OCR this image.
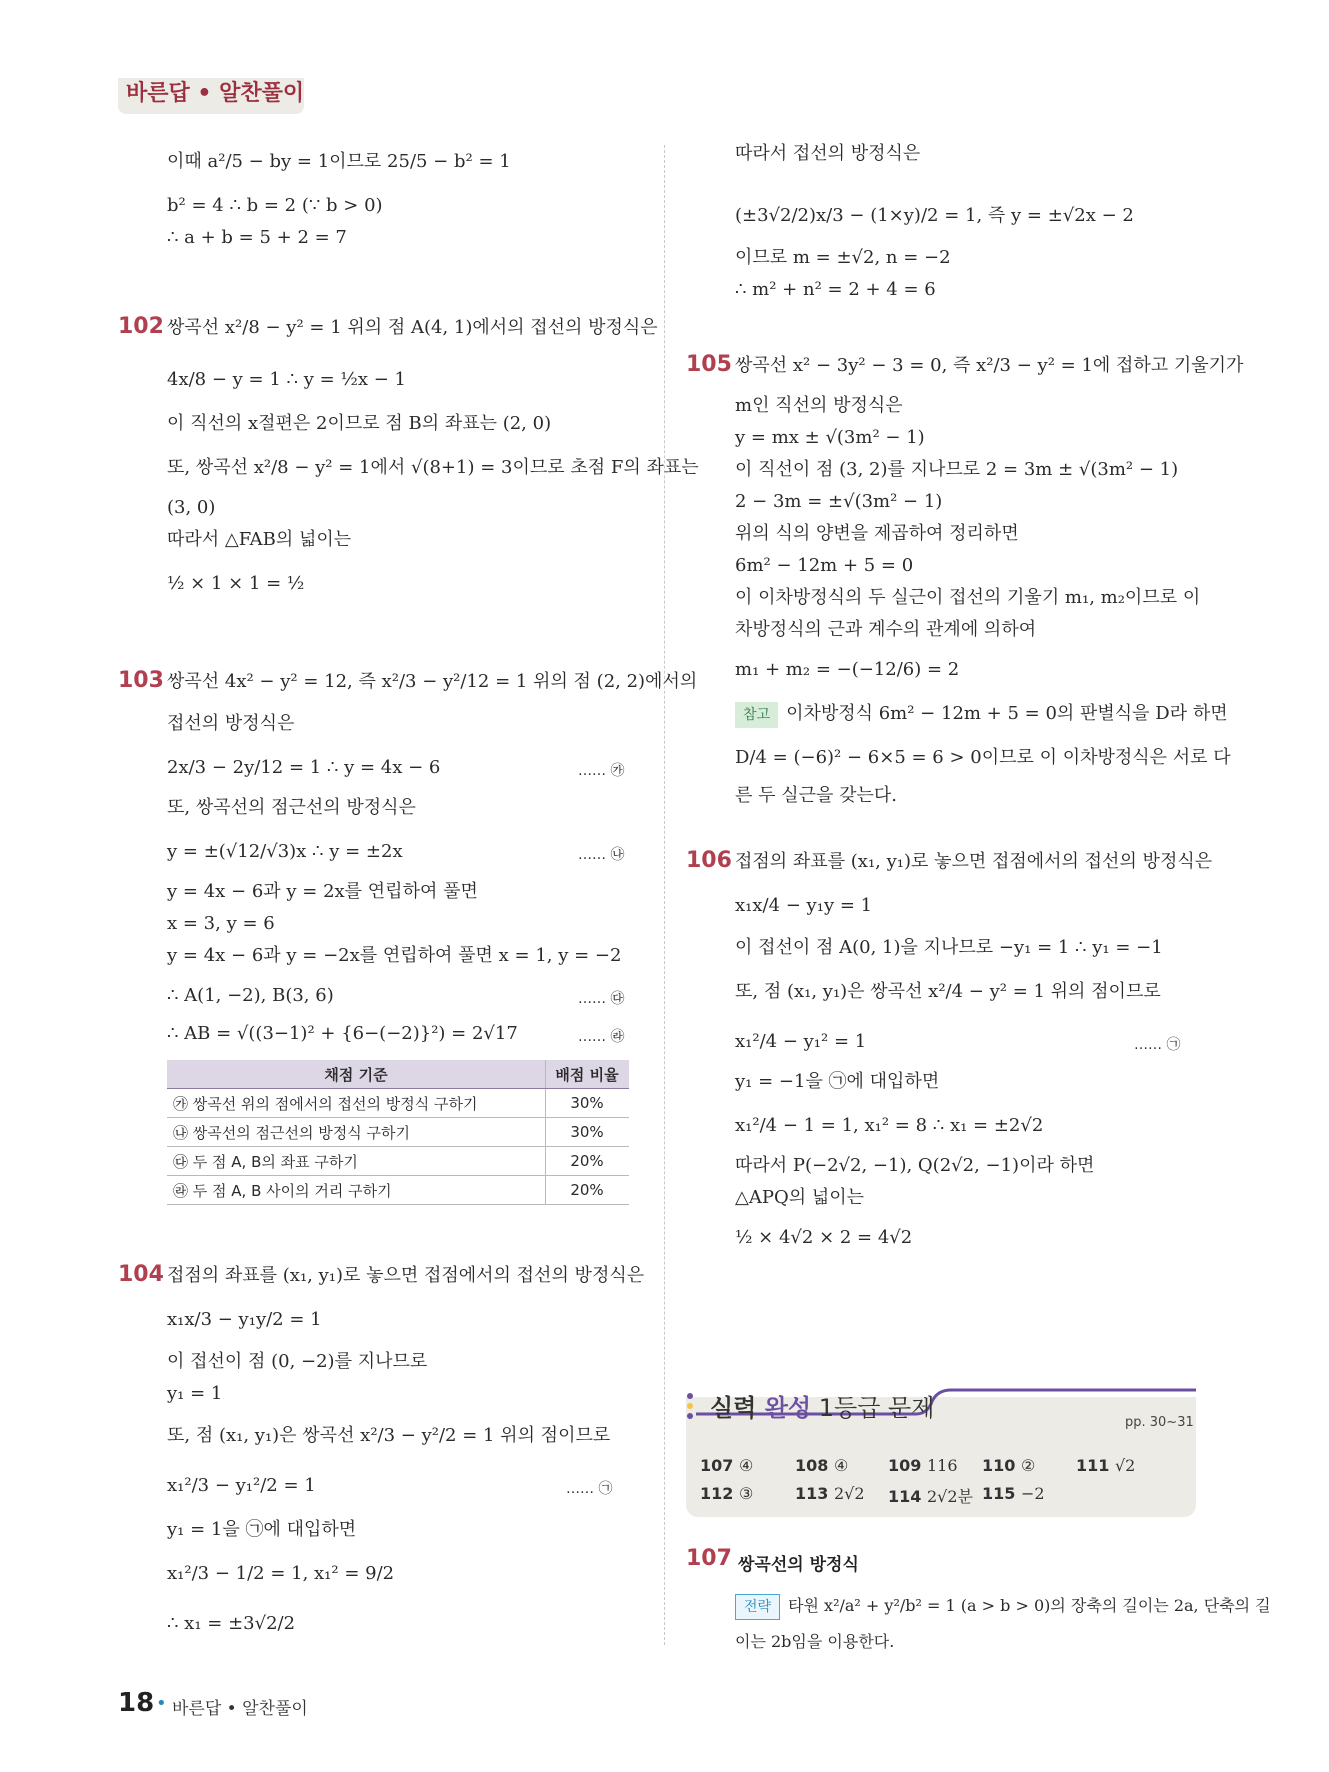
바른답 • 알찬풀이
이때 a²/5 − by = 1이므로 25/5 − b² = 1
b² = 4 ∴ b = 2 (∵ b > 0)
∴ a + b = 5 + 2 = 7
102 쌍곡선 x²/8 − y² = 1 위의 점 A(4, 1)에서의 접선의 방정식은
4x/8 − y = 1 ∴ y = ½x − 1
이 직선의 x절편은 2이므로 점 B의 좌표는 (2, 0)
또, 쌍곡선 x²/8 − y² = 1에서 √(8+1) = 3이므로 초점 F의 좌표는
(3, 0)
따라서 △FAB의 넓이는
½ × 1 × 1 = ½
103 쌍곡선 4x² − y² = 12, 즉 x²/3 − y²/12 = 1 위의 점 (2, 2)에서의
접선의 방정식은
2x/3 − 2y/12 = 1 ∴ y = 4x − 6	…… ㉮
또, 쌍곡선의 점근선의 방정식은
y = ±(√12/√3)x ∴ y = ±2x	…… ㉯
y = 4x − 6과 y = 2x를 연립하여 풀면
x = 3, y = 6
y = 4x − 6과 y = −2x를 연립하여 풀면 x = 1, y = −2
∴ A(1, −2), B(3, 6)	…… ㉰
∴ AB = √((3−1)² + {6−(−2)}²) = 2√17	…… ㉱
채점 기준	배점 비율
㉮ 쌍곡선 위의 점에서의 접선의 방정식 구하기	30%
㉯ 쌍곡선의 점근선의 방정식 구하기	30%
㉰ 두 점 A, B의 좌표 구하기	20%
㉱ 두 점 A, B 사이의 거리 구하기	20%
104 접점의 좌표를 (x₁, y₁)로 놓으면 접점에서의 접선의 방정식은
x₁x/3 − y₁y/2 = 1
이 접선이 점 (0, −2)를 지나므로
y₁ = 1
또, 점 (x₁, y₁)은 쌍곡선 x²/3 − y²/2 = 1 위의 점이므로
x₁²/3 − y₁²/2 = 1	…… ㉠
y₁ = 1을 ㉠에 대입하면
x₁²/3 − 1/2 = 1, x₁² = 9/2
∴ x₁ = ±3√2/2
따라서 접선의 방정식은
(±3√2/2)x/3 − (1×y)/2 = 1, 즉 y = ±√2x − 2
이므로 m = ±√2, n = −2
∴ m² + n² = 2 + 4 = 6
105 쌍곡선 x² − 3y² − 3 = 0, 즉 x²/3 − y² = 1에 접하고 기울기가
m인 직선의 방정식은
y = mx ± √(3m² − 1)
이 직선이 점 (3, 2)를 지나므로 2 = 3m ± √(3m² − 1)
2 − 3m = ±√(3m² − 1)
위의 식의 양변을 제곱하여 정리하면
6m² − 12m + 5 = 0
이 이차방정식의 두 실근이 접선의 기울기 m₁, m₂이므로 이
차방정식의 근과 계수의 관계에 의하여
m₁ + m₂ = −(−12/6) = 2
참고 이차방정식 6m² − 12m + 5 = 0의 판별식을 D라 하면
D/4 = (−6)² − 6×5 = 6 > 0이므로 이 이차방정식은 서로 다
른 두 실근을 갖는다.
106 접점의 좌표를 (x₁, y₁)로 놓으면 접점에서의 접선의 방정식은
x₁x/4 − y₁y = 1
이 접선이 점 A(0, 1)을 지나므로 −y₁ = 1 ∴ y₁ = −1
또, 점 (x₁, y₁)은 쌍곡선 x²/4 − y² = 1 위의 점이므로
x₁²/4 − y₁² = 1	…… ㉠
y₁ = −1을 ㉠에 대입하면
x₁²/4 − 1 = 1, x₁² = 8 ∴ x₁ = ±2√2
따라서 P(−2√2, −1), Q(2√2, −1)이라 하면
△APQ의 넓이는
½ × 4√2 × 2 = 4√2
실력 완성 1등급 문제
pp. 30~31
107 ④	108 ④ 109 116 110 ②	111 √2
112 ③	113 2√2 114 2√2분 115 −2
107 쌍곡선의 방정식
전략 타원 x²/a² + y²/b² = 1 (a > b > 0)의 장축의 길이는 2a, 단축의 길
이는 2b임을 이용한다.
18 • 바른답 • 알찬풀이
